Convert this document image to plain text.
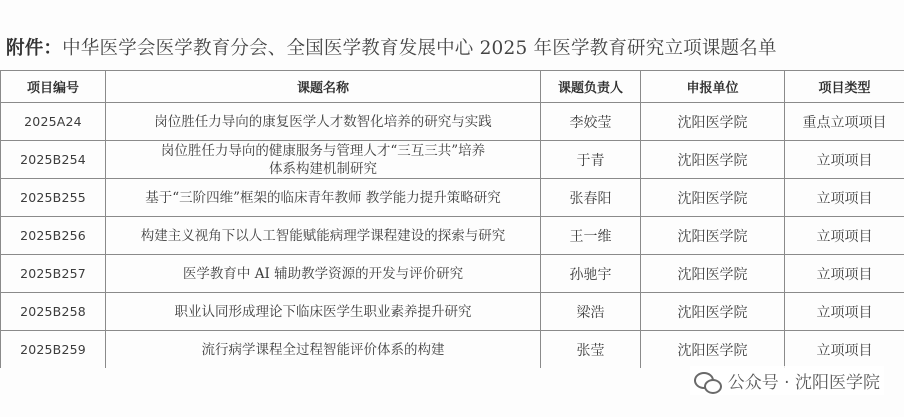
附件： 中华医学会医学教育分会、全国医学教育发展中心 2025 年医学教育研究立项课题名单
项目编号	课题名称	课题负责人	申报单位	项目类型
2025A24	岗位胜任力导向的康复医学人才数智化培养的研究与实践	李姣莹	沈阳医学院	重点立项项目
2025B254	岗位胜任力导向的健康服务与管理人才“三互三共”培养体系构建机制研究	于青	沈阳医学院	立项项目
2025B255	基于“三阶四维”框架的临床青年教师 教学能力提升策略研究	张春阳	沈阳医学院	立项项目
2025B256	构建主义视角下以人工智能赋能病理学课程建设的探索与研究	王一维	沈阳医学院	立项项目
2025B257	医学教育中 AI 辅助教学资源的开发与评价研究	孙驰宇	沈阳医学院	立项项目
2025B258	职业认同形成理论下临床医学生职业素养提升研究	梁浩	沈阳医学院	立项项目
2025B259	流行病学课程全过程智能评价体系的构建	张莹	沈阳医学院	立项项目
公众号 · 沈阳医学院
